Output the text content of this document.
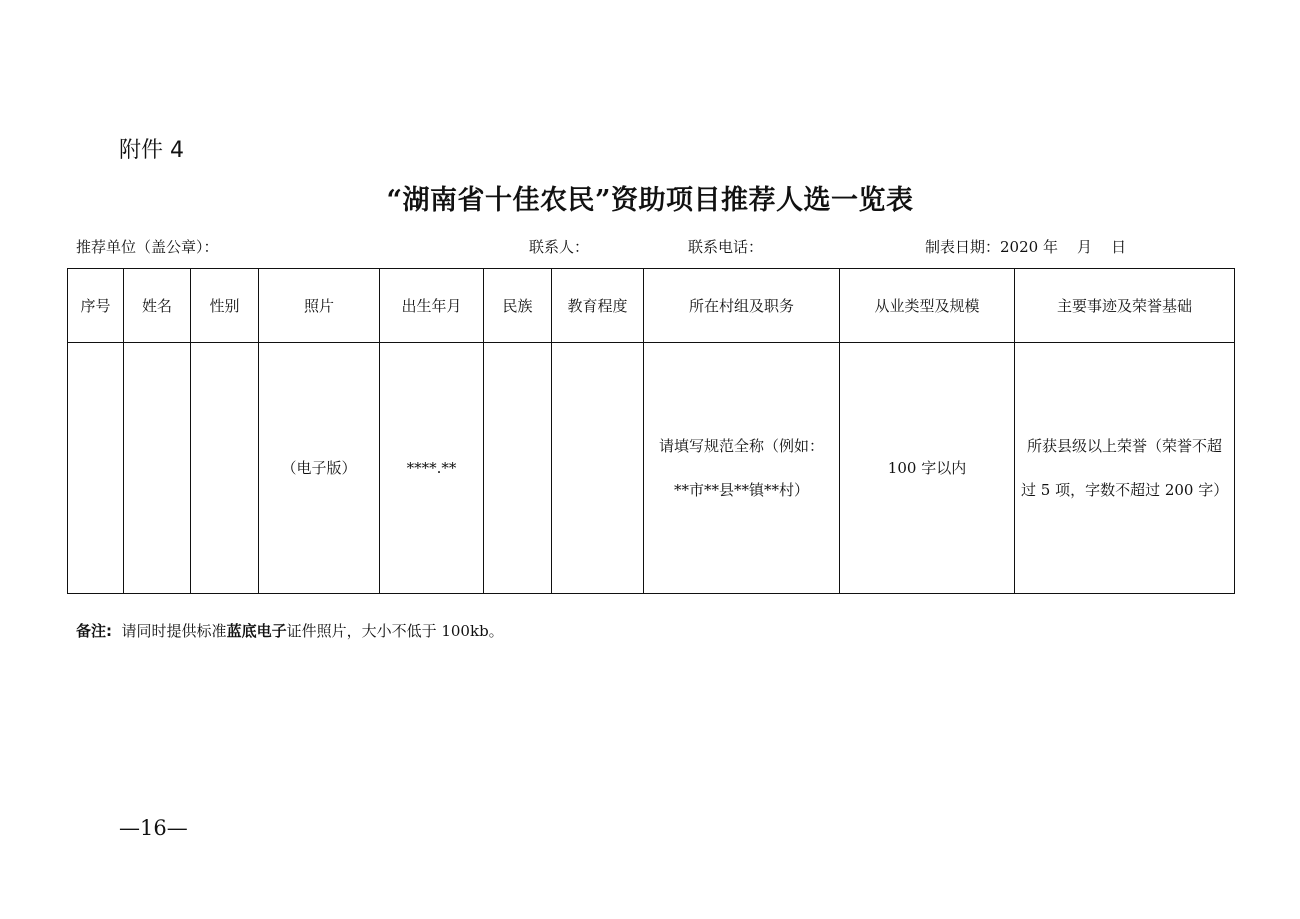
附件 4
“湖南省十佳农民”资助项目推荐人选一览表
推荐单位（盖公章）：	联系人：	联系电话：	制表日期：2020 年    月    日
序号	姓名	性别	照片	出生年月	民族	教育程度	所在村组及职务	从业类型及规模	主要事迹及荣誉基础
			（电子版）	****.**			请填写规范全称（例如：**市**县**镇**村）	100 字以内	所获县级以上荣誉（荣誉不超过 5 项，字数不超过 200 字）
备注: 请同时提供标准蓝底电子证件照片，大小不低于 100kb。
—16—
